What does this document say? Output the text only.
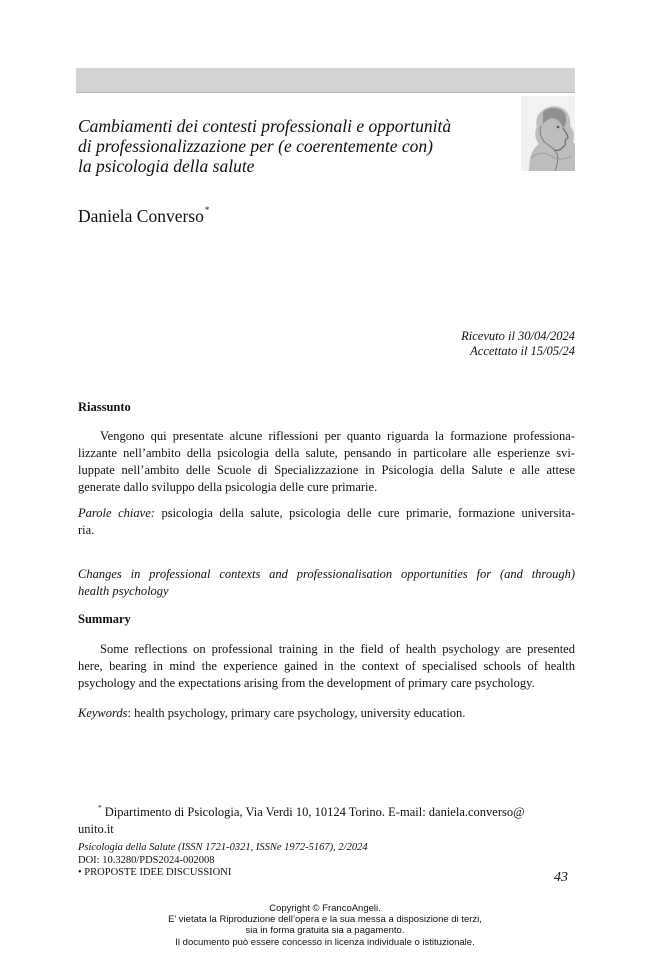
Cambiamenti dei contesti professionali e opportunità
di professionalizzazione per (e coerentemente con)
la psicologia della salute
Daniela Converso*
Ricevuto il 30/04/2024
Accettato il 15/05/24
Riassunto
Vengono qui presentate alcune riflessioni per quanto riguarda la formazione professiona-
lizzante nell’ambito della psicologia della salute, pensando in particolare alle esperienze svi-
luppate nell’ambito delle Scuole di Specializzazione in Psicologia della Salute e alle attese
generate dallo sviluppo della psicologia delle cure primarie.
Parole chiave: psicologia della salute, psicologia delle cure primarie, formazione universita-
ria.
Changes in professional contexts and professionalisation opportunities for (and through)
health psychology
Summary
Some reflections on professional training in the field of health psychology are presented
here, bearing in mind the experience gained in the context of specialised schools of health
psychology and the expectations arising from the development of primary care psychology.
Keywords: health psychology, primary care psychology, university education.
* Dipartimento di Psicologia, Via Verdi 10, 10124 Torino. E-mail: daniela.converso@
unito.it
Psicologia della Salute (ISSN 1721-0321, ISSNe 1972-5167), 2/2024
DOI: 10.3280/PDS2024-002008
• PROPOSTE IDEE DISCUSSIONI	43
Copyright © FrancoAngeli.
E’ vietata la Riproduzione dell’opera e la sua messa a disposizione di terzi,
sia in forma gratuita sia a pagamento.
Il documento può essere concesso in licenza individuale o istituzionale.
